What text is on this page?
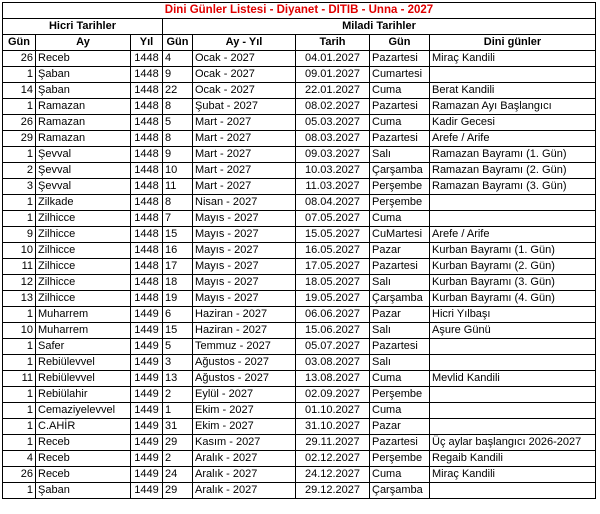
Dini Günler Listesi - Diyanet - DITIB - Unna - 2027							
Hicri Tarihler			Miladi Tarihler				
Gün	Ay	Yıl	Gün	Ay - Yıl	Tarih	Gün	Dini günler
26	Receb	1448	4	Ocak - 2027	04.01.2027	Pazartesi	Miraç Kandili
1	Şaban	1448	9	Ocak - 2027	09.01.2027	Cumartesi	
14	Şaban	1448	22	Ocak - 2027	22.01.2027	Cuma	Berat Kandili
1	Ramazan	1448	8	Şubat - 2027	08.02.2027	Pazartesi	Ramazan Ayı Başlangıcı
26	Ramazan	1448	5	Mart - 2027	05.03.2027	Cuma	Kadir Gecesi
29	Ramazan	1448	8	Mart - 2027	08.03.2027	Pazartesi	Arefe / Arife
1	Şevval	1448	9	Mart - 2027	09.03.2027	Salı	Ramazan Bayramı (1. Gün)
2	Şevval	1448	10	Mart - 2027	10.03.2027	Çarşamba	Ramazan Bayramı (2. Gün)
3	Şevval	1448	11	Mart - 2027	11.03.2027	Perşembe	Ramazan Bayramı (3. Gün)
1	Zilkade	1448	8	Nisan - 2027	08.04.2027	Perşembe	
1	Zilhicce	1448	7	Mayıs - 2027	07.05.2027	Cuma	
9	Zilhicce	1448	15	Mayıs - 2027	15.05.2027	CuMartesi	Arefe / Arife
10	Zilhicce	1448	16	Mayıs - 2027	16.05.2027	Pazar	Kurban Bayramı (1. Gün)
11	Zilhicce	1448	17	Mayıs - 2027	17.05.2027	Pazartesi	Kurban Bayramı (2. Gün)
12	Zilhicce	1448	18	Mayıs - 2027	18.05.2027	Salı	Kurban Bayramı (3. Gün)
13	Zilhicce	1448	19	Mayıs - 2027	19.05.2027	Çarşamba	Kurban Bayramı (4. Gün)
1	Muharrem	1449	6	Haziran - 2027	06.06.2027	Pazar	Hicri Yılbaşı
10	Muharrem	1449	15	Haziran - 2027	15.06.2027	Salı	Aşure Günü
1	Safer	1449	5	Temmuz - 2027	05.07.2027	Pazartesi	
1	Rebiülevvel	1449	3	Ağustos - 2027	03.08.2027	Salı	
11	Rebiülevvel	1449	13	Ağustos - 2027	13.08.2027	Cuma	Mevlid Kandili
1	Rebiülahir	1449	2	Eylül - 2027	02.09.2027	Perşembe	
1	Cemaziyelevvel	1449	1	Ekim - 2027	01.10.2027	Cuma	
1	C.AHİR	1449	31	Ekim - 2027	31.10.2027	Pazar	
1	Receb	1449	29	Kasım - 2027	29.11.2027	Pazartesi	Üç aylar başlangıcı 2026-2027
4	Receb	1449	2	Aralık - 2027	02.12.2027	Perşembe	Regaib Kandili
26	Receb	1449	24	Aralık - 2027	24.12.2027	Cuma	Miraç Kandili
1	Şaban	1449	29	Aralık - 2027	29.12.2027	Çarşamba	
